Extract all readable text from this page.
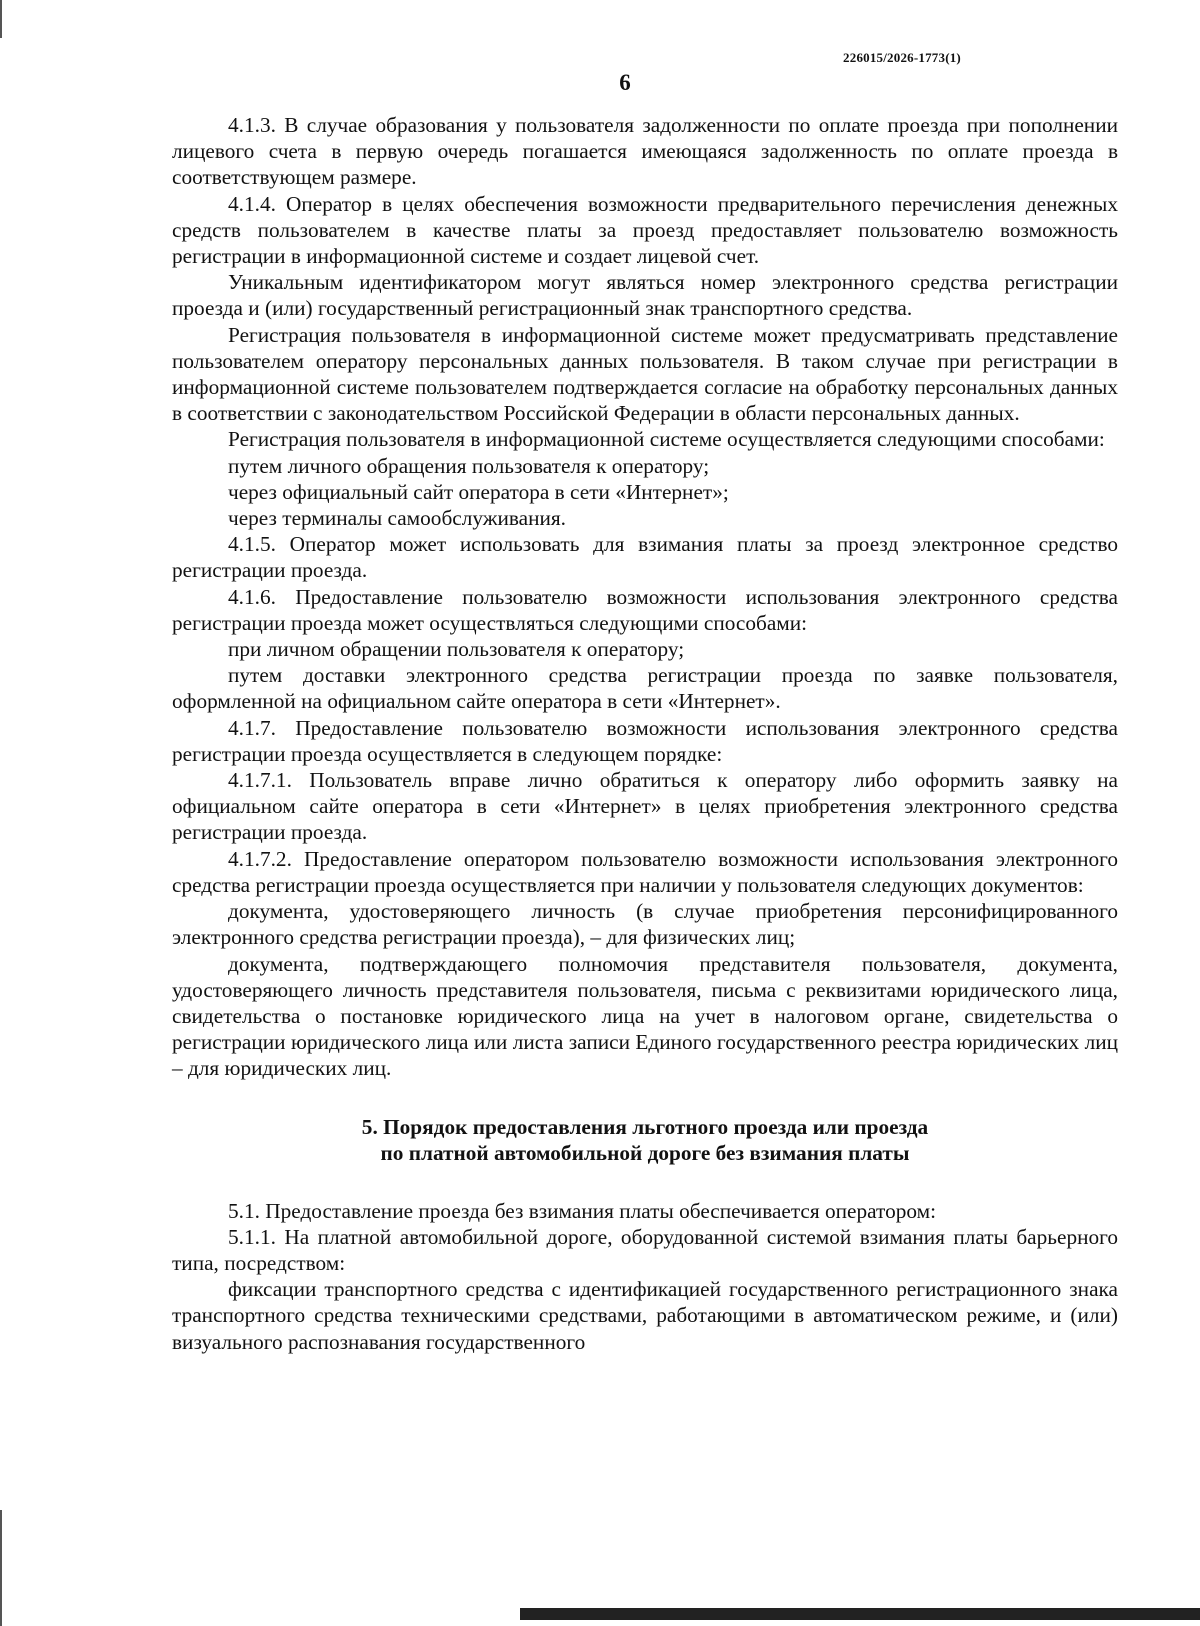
226015/2026-1773(1)
6

4.1.3. В случае образования у пользователя задолженности по оплате проезда при пополнении лицевого счета в первую очередь погашается имеющаяся задолженность по оплате проезда в соответствующем размере.

4.1.4. Оператор в целях обеспечения возможности предварительного перечисления денежных средств пользователем в качестве платы за проезд предоставляет пользователю возможность регистрации в информационной системе и создает лицевой счет.

Уникальным идентификатором могут являться номер электронного средства регистрации проезда и (или) государственный регистрационный знак транспортного средства.

Регистрация пользователя в информационной системе может предусматривать представление пользователем оператору персональных данных пользователя. В таком случае при регистрации в информационной системе пользователем подтверждается согласие на обработку персональных данных в соответствии с законодательством Российской Федерации в области персональных данных.

Регистрация пользователя в информационной системе осуществляется следующими способами:

путем личного обращения пользователя к оператору;

через официальный сайт оператора в сети «Интернет»;

через терминалы самообслуживания.

4.1.5. Оператор может использовать для взимания платы за проезд электронное средство регистрации проезда.

4.1.6. Предоставление пользователю возможности использования электронного средства регистрации проезда может осуществляться следующими способами:

при личном обращении пользователя к оператору;

путем доставки электронного средства регистрации проезда по заявке пользователя, оформленной на официальном сайте оператора в сети «Интернет».

4.1.7. Предоставление пользователю возможности использования электронного средства регистрации проезда осуществляется в следующем порядке:

4.1.7.1. Пользователь вправе лично обратиться к оператору либо оформить заявку на официальном сайте оператора в сети «Интернет» в целях приобретения электронного средства регистрации проезда.

4.1.7.2. Предоставление оператором пользователю возможности использования электронного средства регистрации проезда осуществляется при наличии у пользователя следующих документов:

документа, удостоверяющего личность (в случае приобретения персонифицированного электронного средства регистрации проезда), – для физических лиц;

документа, подтверждающего полномочия представителя пользователя, документа, удостоверяющего личность представителя пользователя, письма с реквизитами юридического лица, свидетельства о постановке юридического лица на учет в налоговом органе, свидетельства о регистрации юридического лица или листа записи Единого государственного реестра юридических лиц – для юридических лиц.

5. Порядок предоставления льготного проезда или проезда
по платной автомобильной дороге без взимания платы

5.1. Предоставление проезда без взимания платы обеспечивается оператором:

5.1.1. На платной автомобильной дороге, оборудованной системой взимания платы барьерного типа, посредством:

фиксации транспортного средства с идентификацией государственного регистрационного знака транспортного средства техническими средствами, работающими в автоматическом режиме, и (или) визуального распознавания государственного
